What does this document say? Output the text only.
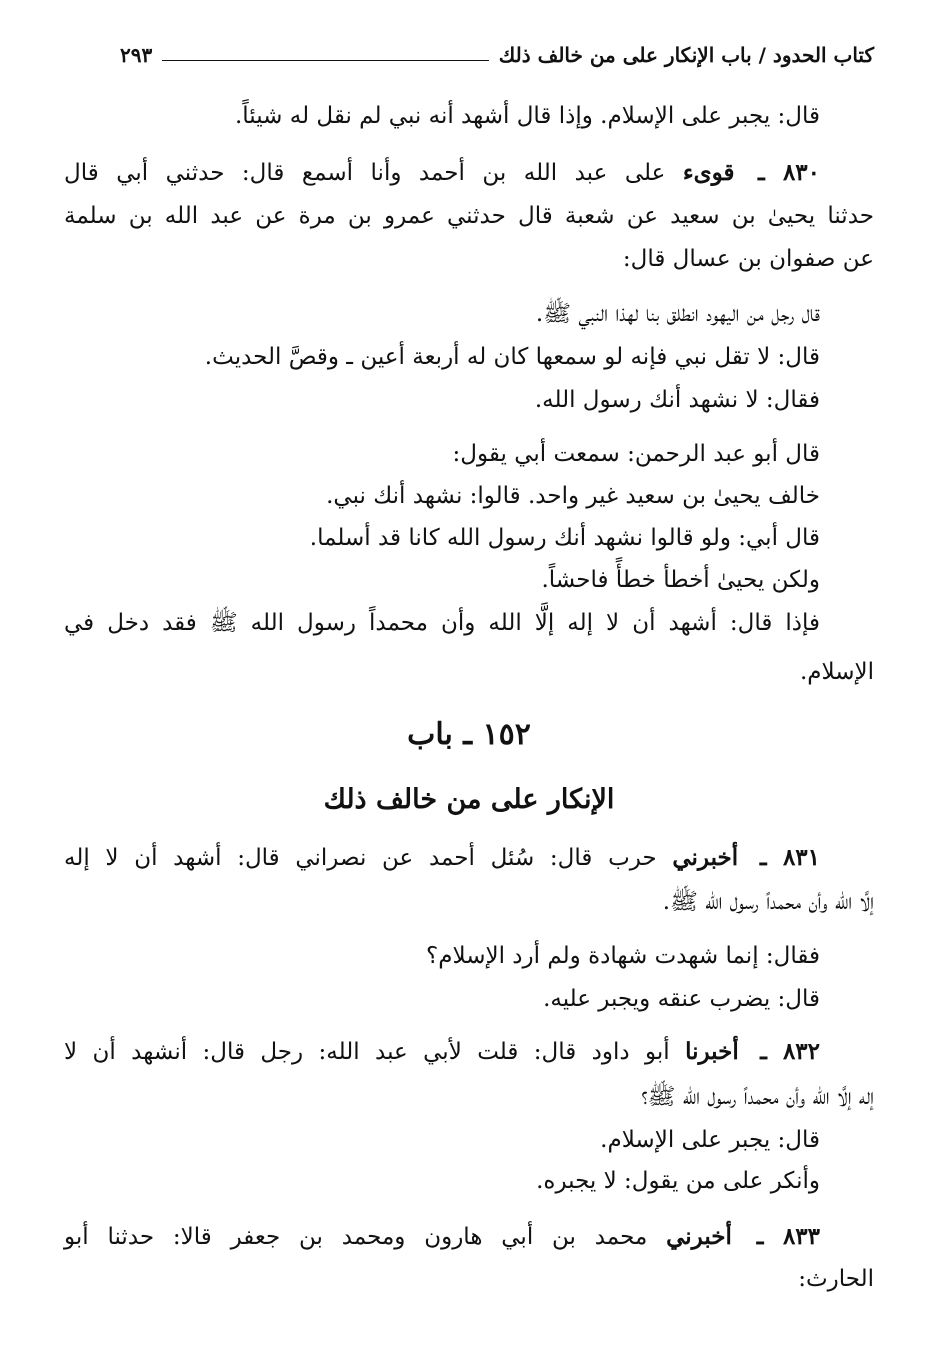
كتاب الحدود / باب الإنكار على من خالف ذلك
٢٩٣
قال: يجبر على الإسلام. وإذا قال أشهد أنه نبي لم نقل له شيئاً.
٨٣٠ ـ قوىء على عبد الله بن أحمد وأنا أسمع قال: حدثني أبي قال
حدثنا يحيىٰ بن سعيد عن شعبة قال حدثني عمرو بن مرة عن عبد الله بن سلمة
عن صفوان بن عسال قال:
قال رجل من اليهود انطلق بنا لهذا النبي ﷺ.
قال: لا تقل نبي فإنه لو سمعها كان له أربعة أعين ـ وقصَّ الحديث.
فقال: لا نشهد أنك رسول الله.
قال أبو عبد الرحمن: سمعت أبي يقول:
خالف يحيىٰ بن سعيد غير واحد. قالوا: نشهد أنك نبي.
قال أبي: ولو قالوا نشهد أنك رسول الله كانا قد أسلما.
ولكن يحيىٰ أخطأ خطأً فاحشاً.
فإذا قال: أشهد أن لا إله إلَّا الله وأن محمداً رسول الله ﷺ فقد دخل في
الإسلام.
١٥٢ ـ باب
الإنكار على من خالف ذلك
٨٣١ ـ أخبرني حرب قال: سُئل أحمد عن نصراني قال: أشهد أن لا إله
إلَّا الله وأن محمداً رسول الله ﷺ.
فقال: إنما شهدت شهادة ولم أرد الإسلام؟
قال: يضرب عنقه ويجبر عليه.
٨٣٢ ـ أخبرنا أبو داود قال: قلت لأبي عبد الله: رجل قال: أنشهد أن لا
إله إلَّا الله وأن محمداً رسول الله ﷺ؟
قال: يجبر على الإسلام.
وأنكر على من يقول: لا يجبره.
٨٣٣ ـ أخبرني محمد بن أبي هارون ومحمد بن جعفر قالا: حدثنا أبو
الحارث:
